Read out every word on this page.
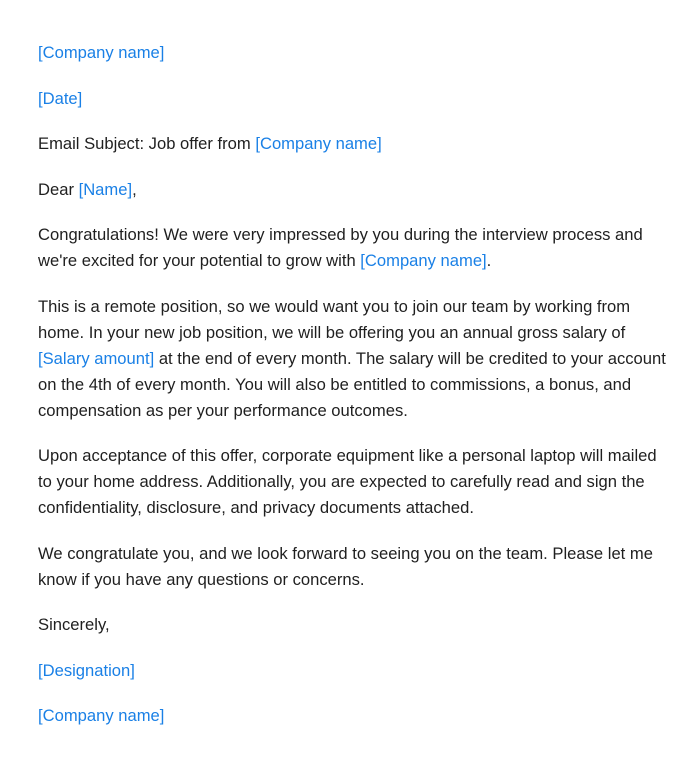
[Company name]

[Date]

Email Subject: Job offer from [Company name]

Dear [Name],

Congratulations! We were very impressed by you during the interview process and we're excited for your potential to grow with [Company name].

This is a remote position, so we would want you to join our team by working from home. In your new job position, we will be offering you an annual gross salary of [Salary amount] at the end of every month. The salary will be credited to your account on the 4th of every month. You will also be entitled to commissions, a bonus, and compensation as per your performance outcomes.

Upon acceptance of this offer, corporate equipment like a personal laptop will mailed to your home address. Additionally, you are expected to carefully read and sign the confidentiality, disclosure, and privacy documents attached.

We congratulate you, and we look forward to seeing you on the team. Please let me know if you have any questions or concerns.

Sincerely,

[Designation]

[Company name]
